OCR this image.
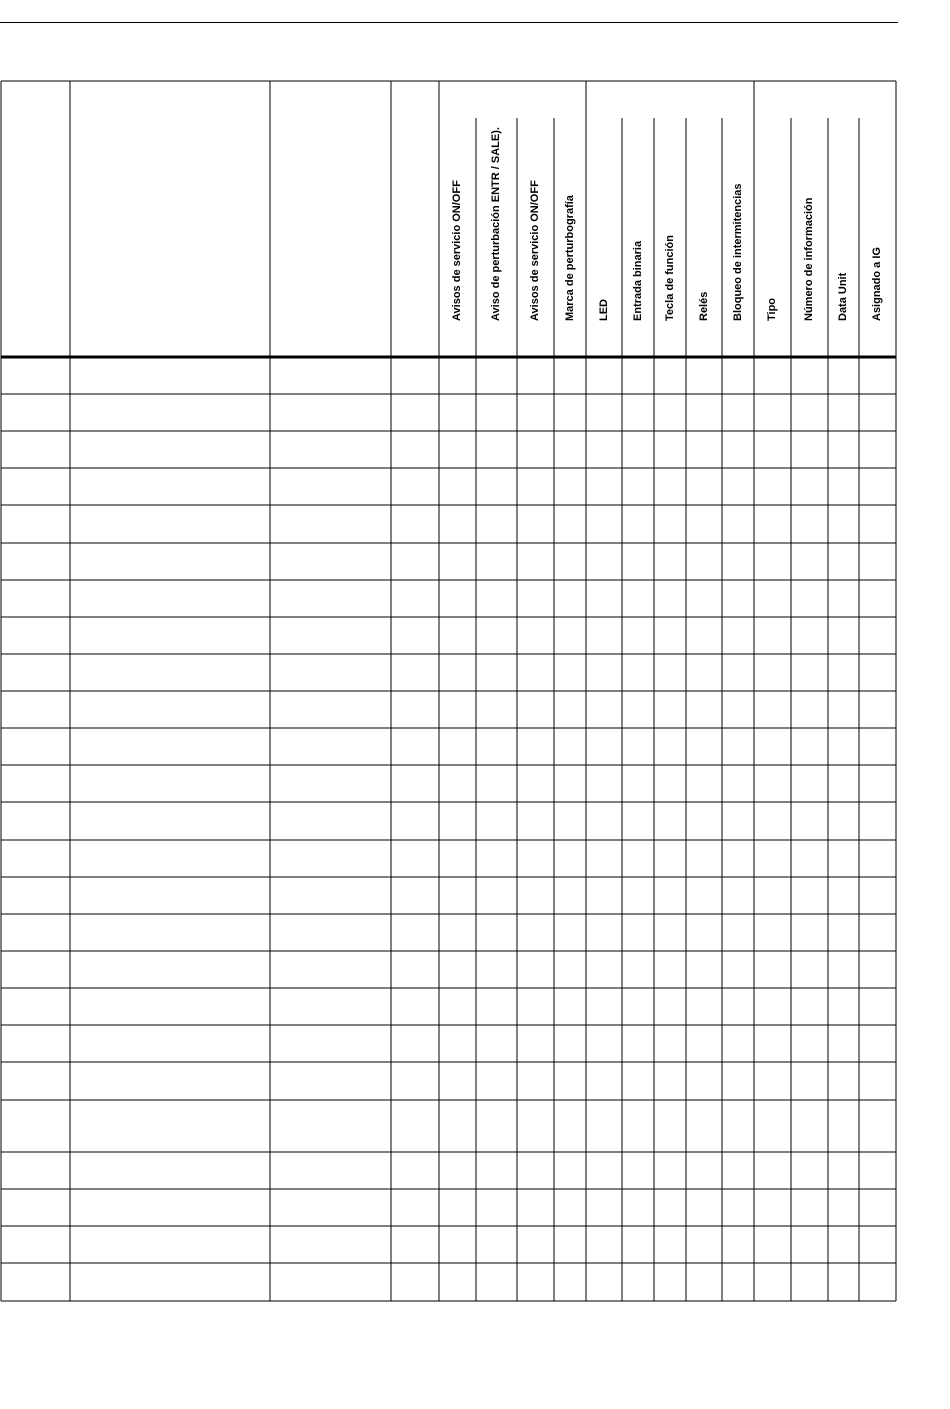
Avisos de servicio ON/OFF Aviso de perturbación ENTR / SALE). Avisos de servicio ON/OFF Marca de perturbografía LED Entrada binaria Tecla de función Relés Bloqueo de intermitencias Tipo Número de información Data Unit Asignado a IG
